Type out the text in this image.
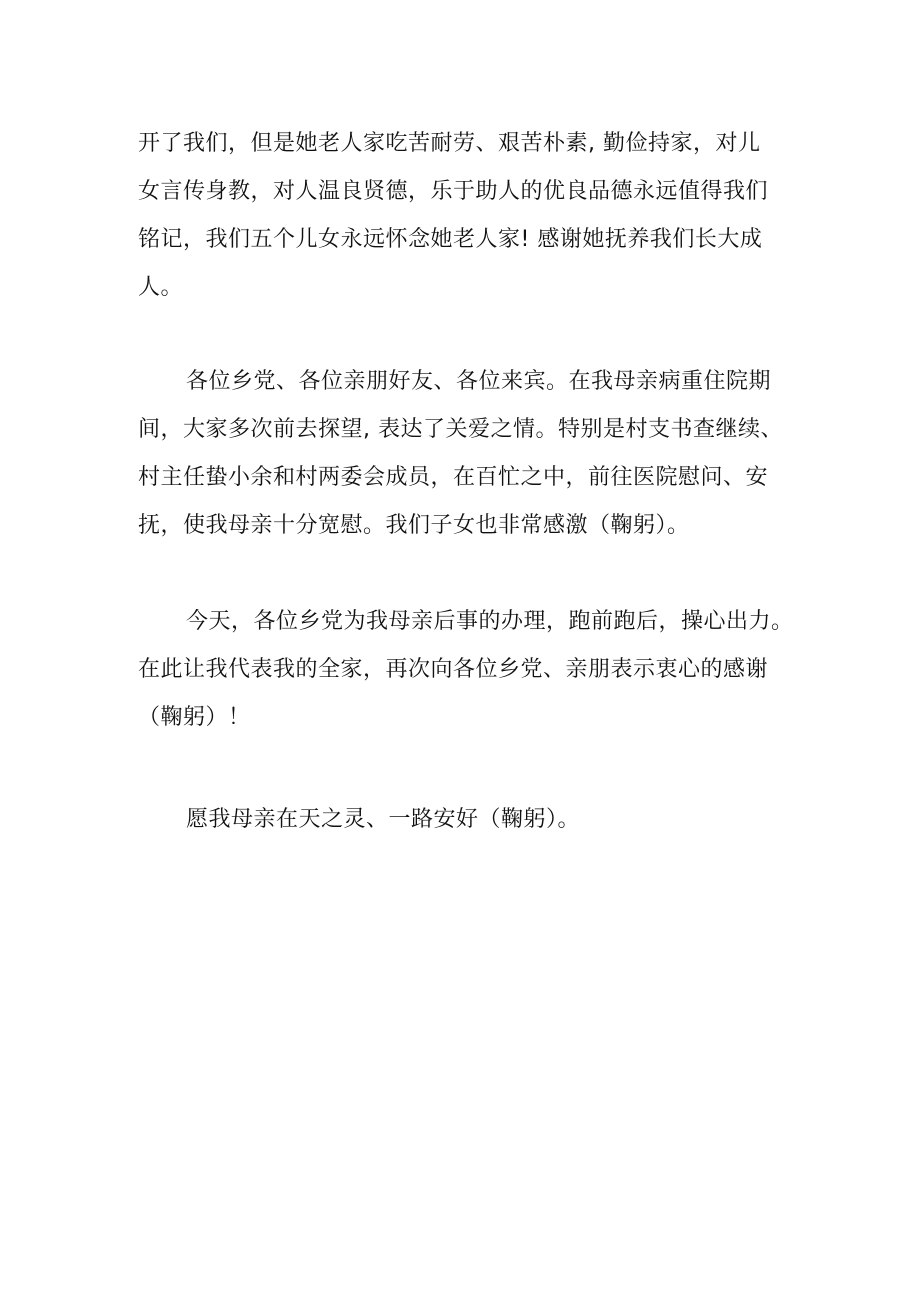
开了我们，但是她老人家吃苦耐劳、艰苦朴素, 勤俭持家，对儿
女言传身教，对人温良贤德，乐于助人的优良品德永远值得我们
铭记，我们五个儿女永远怀念她老人家! 感谢她抚养我们长大成
人。

各位乡党、各位亲朋好友、各位来宾。在我母亲病重住院期
间，大家多次前去探望, 表达了关爱之情。特别是村支书查继续、
村主任蛰小余和村两委会成员，在百忙之中，前往医院慰问、安
抚，使我母亲十分宽慰。我们子女也非常感激（鞠躬）。

今天，各位乡党为我母亲后事的办理，跑前跑后，操心出力。
在此让我代表我的全家，再次向各位乡党、亲朋表示衷心的感谢
（鞠躬）！

愿我母亲在天之灵、一路安好（鞠躬）。
